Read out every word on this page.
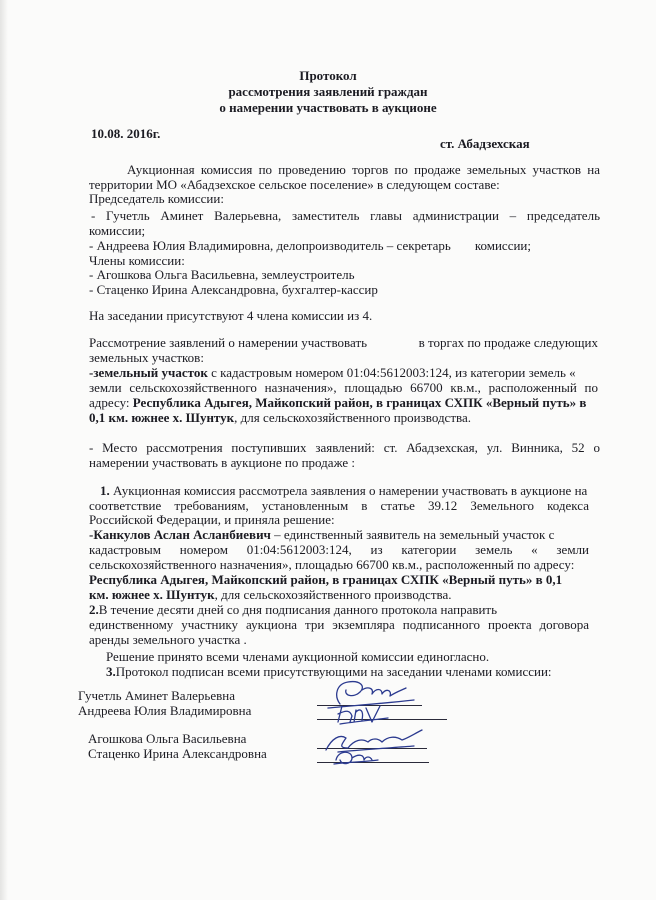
Протокол
рассмотрения заявлений граждан
о намерении участвовать в аукционе
10.08. 2016г.
ст. Абадзехская
Аукционная комиссия по проведению торгов по продаже земельных участков на
территории МО «Абадзехское сельское поселение» в следующем составе:
Председатель комиссии:
- Гучетль Аминет Валерьевна, заместитель главы администрации – председатель
комиссии;
- Андреева Юлия Владимировна, делопроизводитель – секретарь комиссии;
Члены комиссии:
- Агошкова Ольга Васильевна, землеустроитель
- Стаценко Ирина Александровна, бухгалтер-кассир
На заседании присутствуют 4 члена комиссии из 4.
Рассмотрение заявлений о намерении участвовать	в торгах по продаже следующих
земельных участков:
-земельный участок с кадастровым номером 01:04:5612003:124, из категории земель «
земли сельскохозяйственного назначения», площадью 66700 кв.м., расположенный по
адресу: Республика Адыгея, Майкопский район, в границах СХПК «Верный путь» в
0,1 км. южнее х. Шунтук, для сельскохозяйственного производства.
- Место рассмотрения поступивших заявлений: ст. Абадзехская, ул. Винника, 52 о
намерении участвовать в аукционе по продаже :
1. Аукционная комиссия рассмотрела заявления о намерении участвовать в аукционе на
соответствие требованиям, установленным в статье 39.12 Земельного кодекса
Российской Федерации, и приняла решение:
-Канкулов Аслан Асланбиевич – единственный заявитель на земельный участок с
кадастровым номером 01:04:5612003:124, из категории земель « земли
сельскохозяйственного назначения», площадью 66700 кв.м., расположенный по адресу:
Республика Адыгея, Майкопский район, в границах СХПК «Верный путь» в 0,1
км. южнее х. Шунтук, для сельскохозяйственного производства.
2.В течение десяти дней со дня подписания данного протокола направить
единственному участнику аукциона три экземпляра подписанного проекта договора
аренды земельного участка .
Решение принято всеми членами аукционной комиссии единогласно.
3.Протокол подписан всеми присутствующими на заседании членами комиссии:
Гучетль Аминет Валерьевна
Андреева Юлия Владимировна
Агошкова Ольга Васильевна
Стаценко Ирина Александровна
